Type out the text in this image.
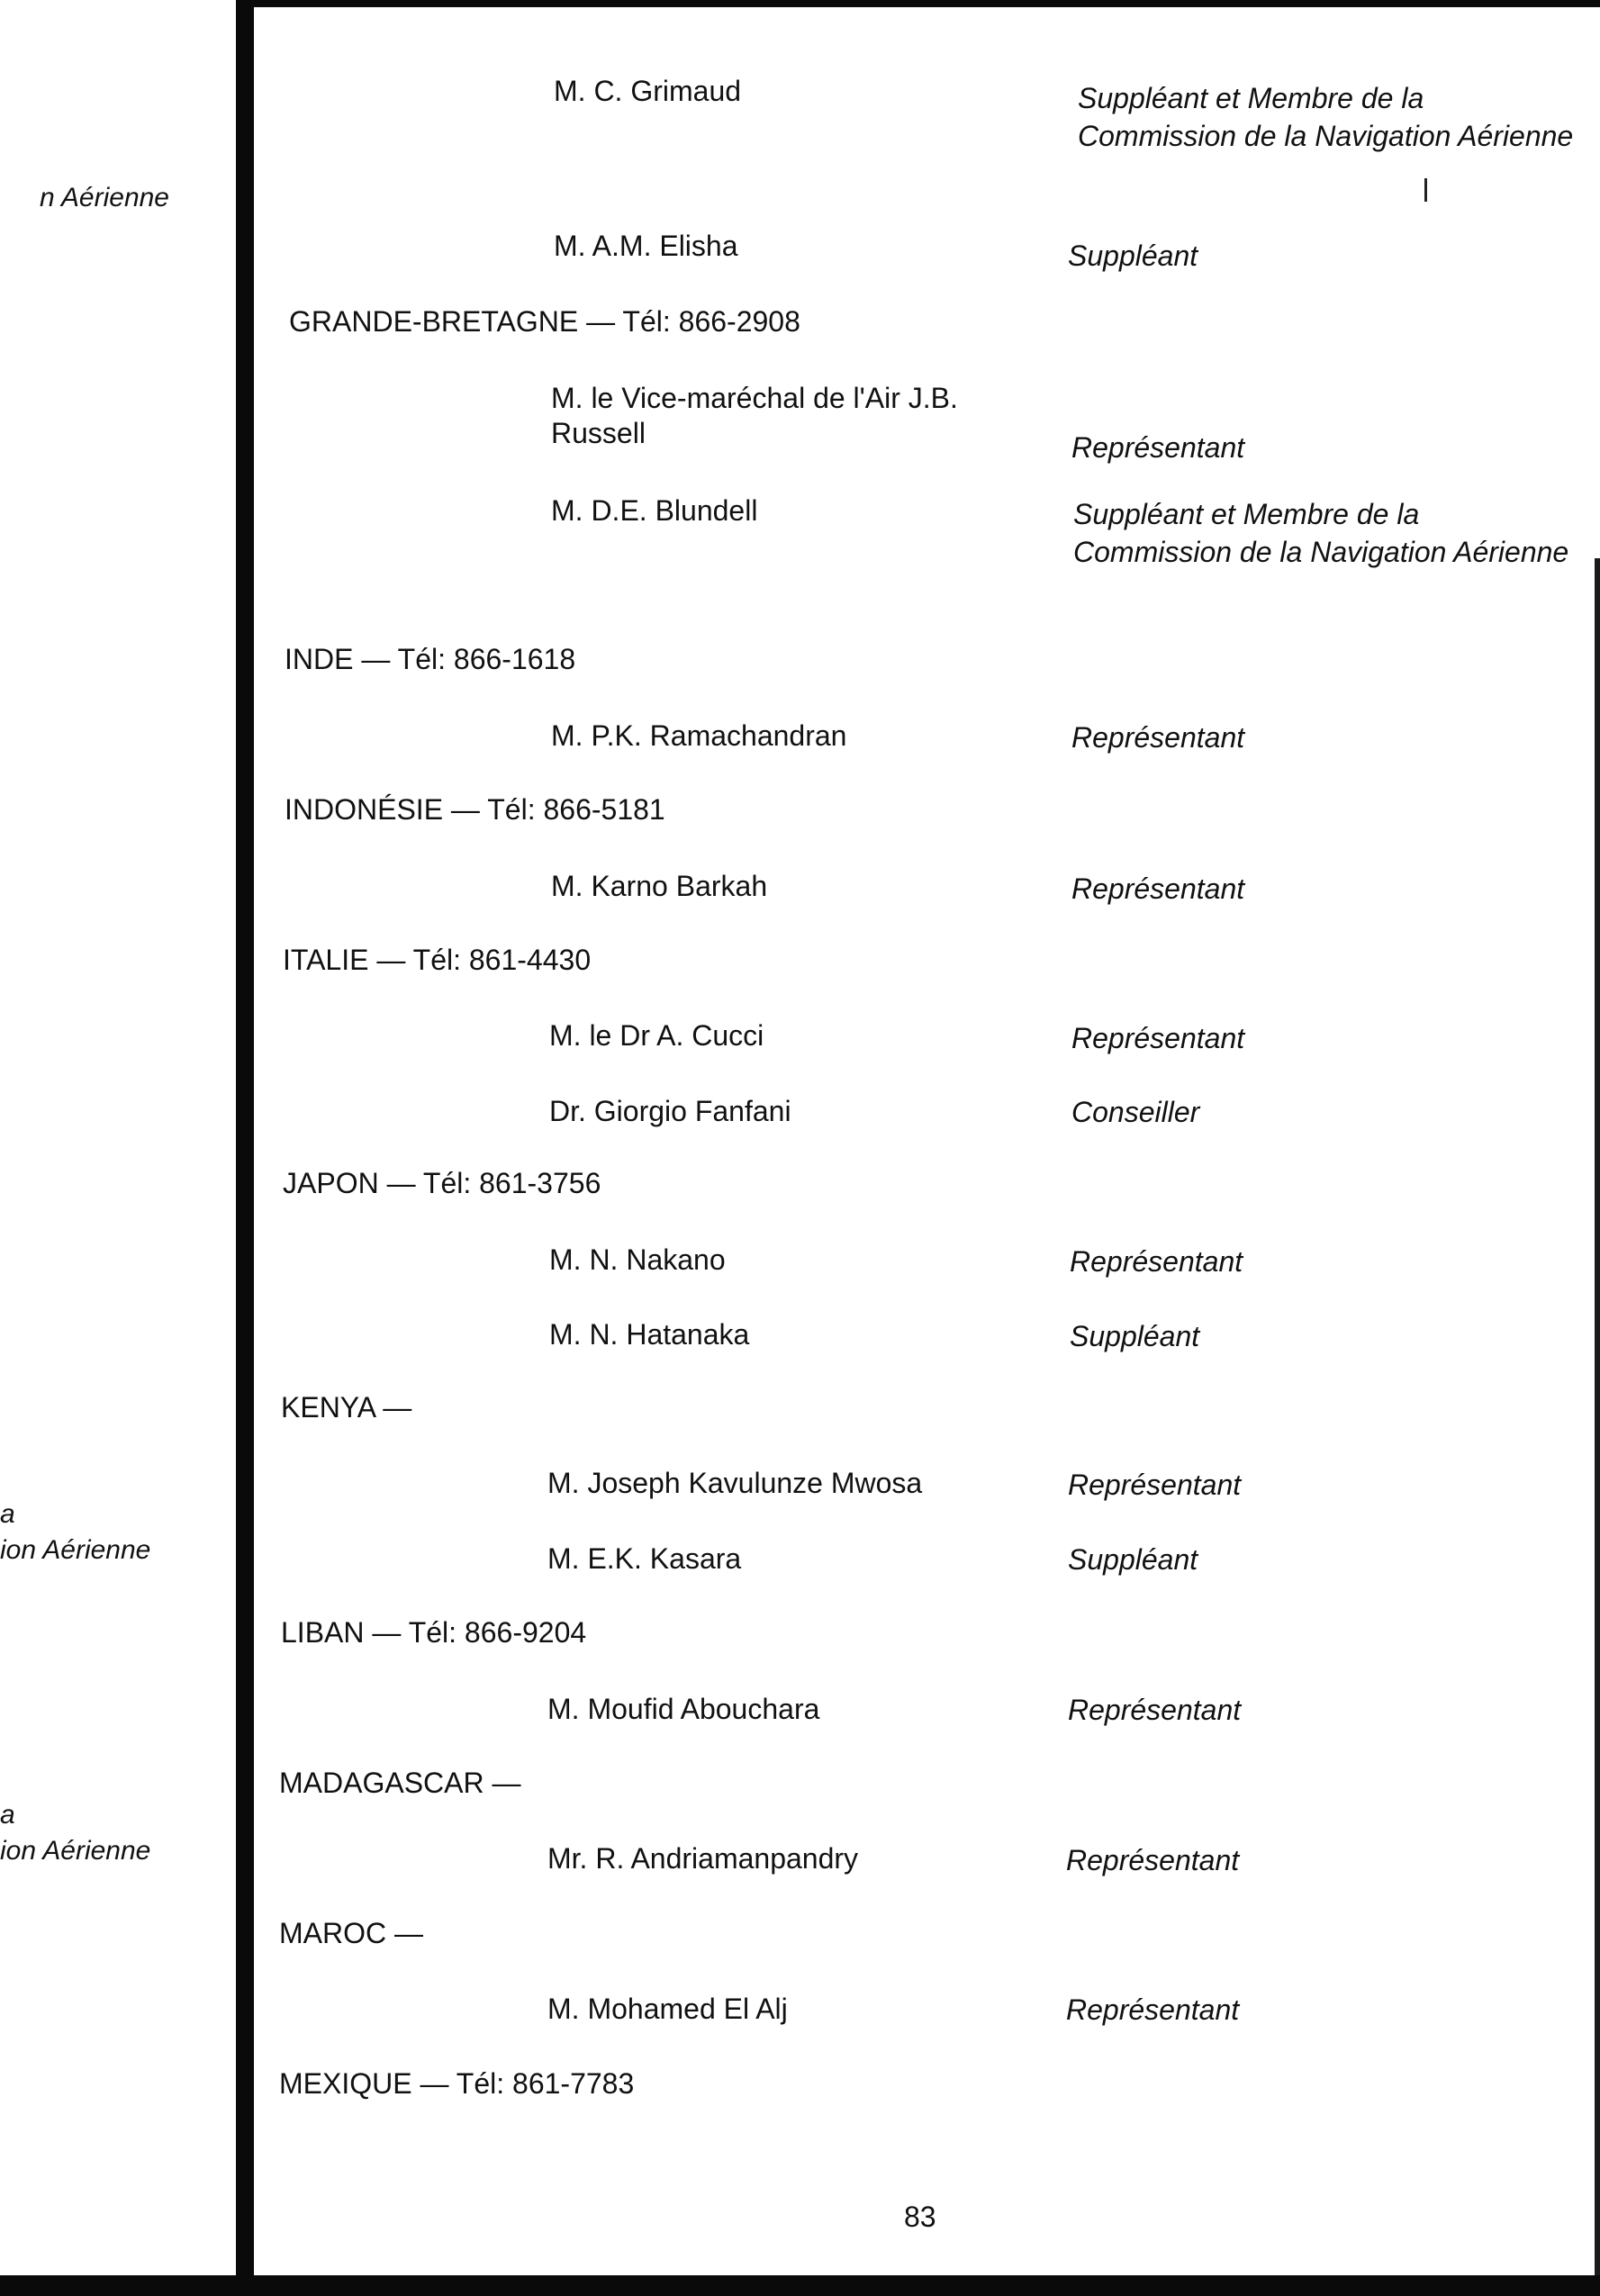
n Aérienne
a
ion Aérienne
a
ion Aérienne
M. C. Grimaud	Suppléant et Membre de la
Commission de la Navigation Aérienne
M. A.M. Elisha	Suppléant
GRANDE-BRETAGNE — Tél: 866-2908
M. le Vice-maréchal de l'Air J.B.
Russell	Représentant
M. D.E. Blundell	Suppléant et Membre de la
Commission de la Navigation Aérienne
INDE — Tél: 866-1618
M. P.K. Ramachandran	Représentant
INDONÉSIE — Tél: 866-5181
M. Karno Barkah	Représentant
ITALIE — Tél: 861-4430
M. le Dr A. Cucci	Représentant
Dr. Giorgio Fanfani	Conseiller
JAPON — Tél: 861-3756
M. N. Nakano	Représentant
M. N. Hatanaka	Suppléant
KENYA —
M. Joseph Kavulunze Mwosa	Représentant
M. E.K. Kasara	Suppléant
LIBAN — Tél: 866-9204
M. Moufid Abouchara	Représentant
MADAGASCAR —
Mr. R. Andriamanpandry	Représentant
MAROC —
M. Mohamed El Alj	Représentant
MEXIQUE — Tél: 861-7783
83
